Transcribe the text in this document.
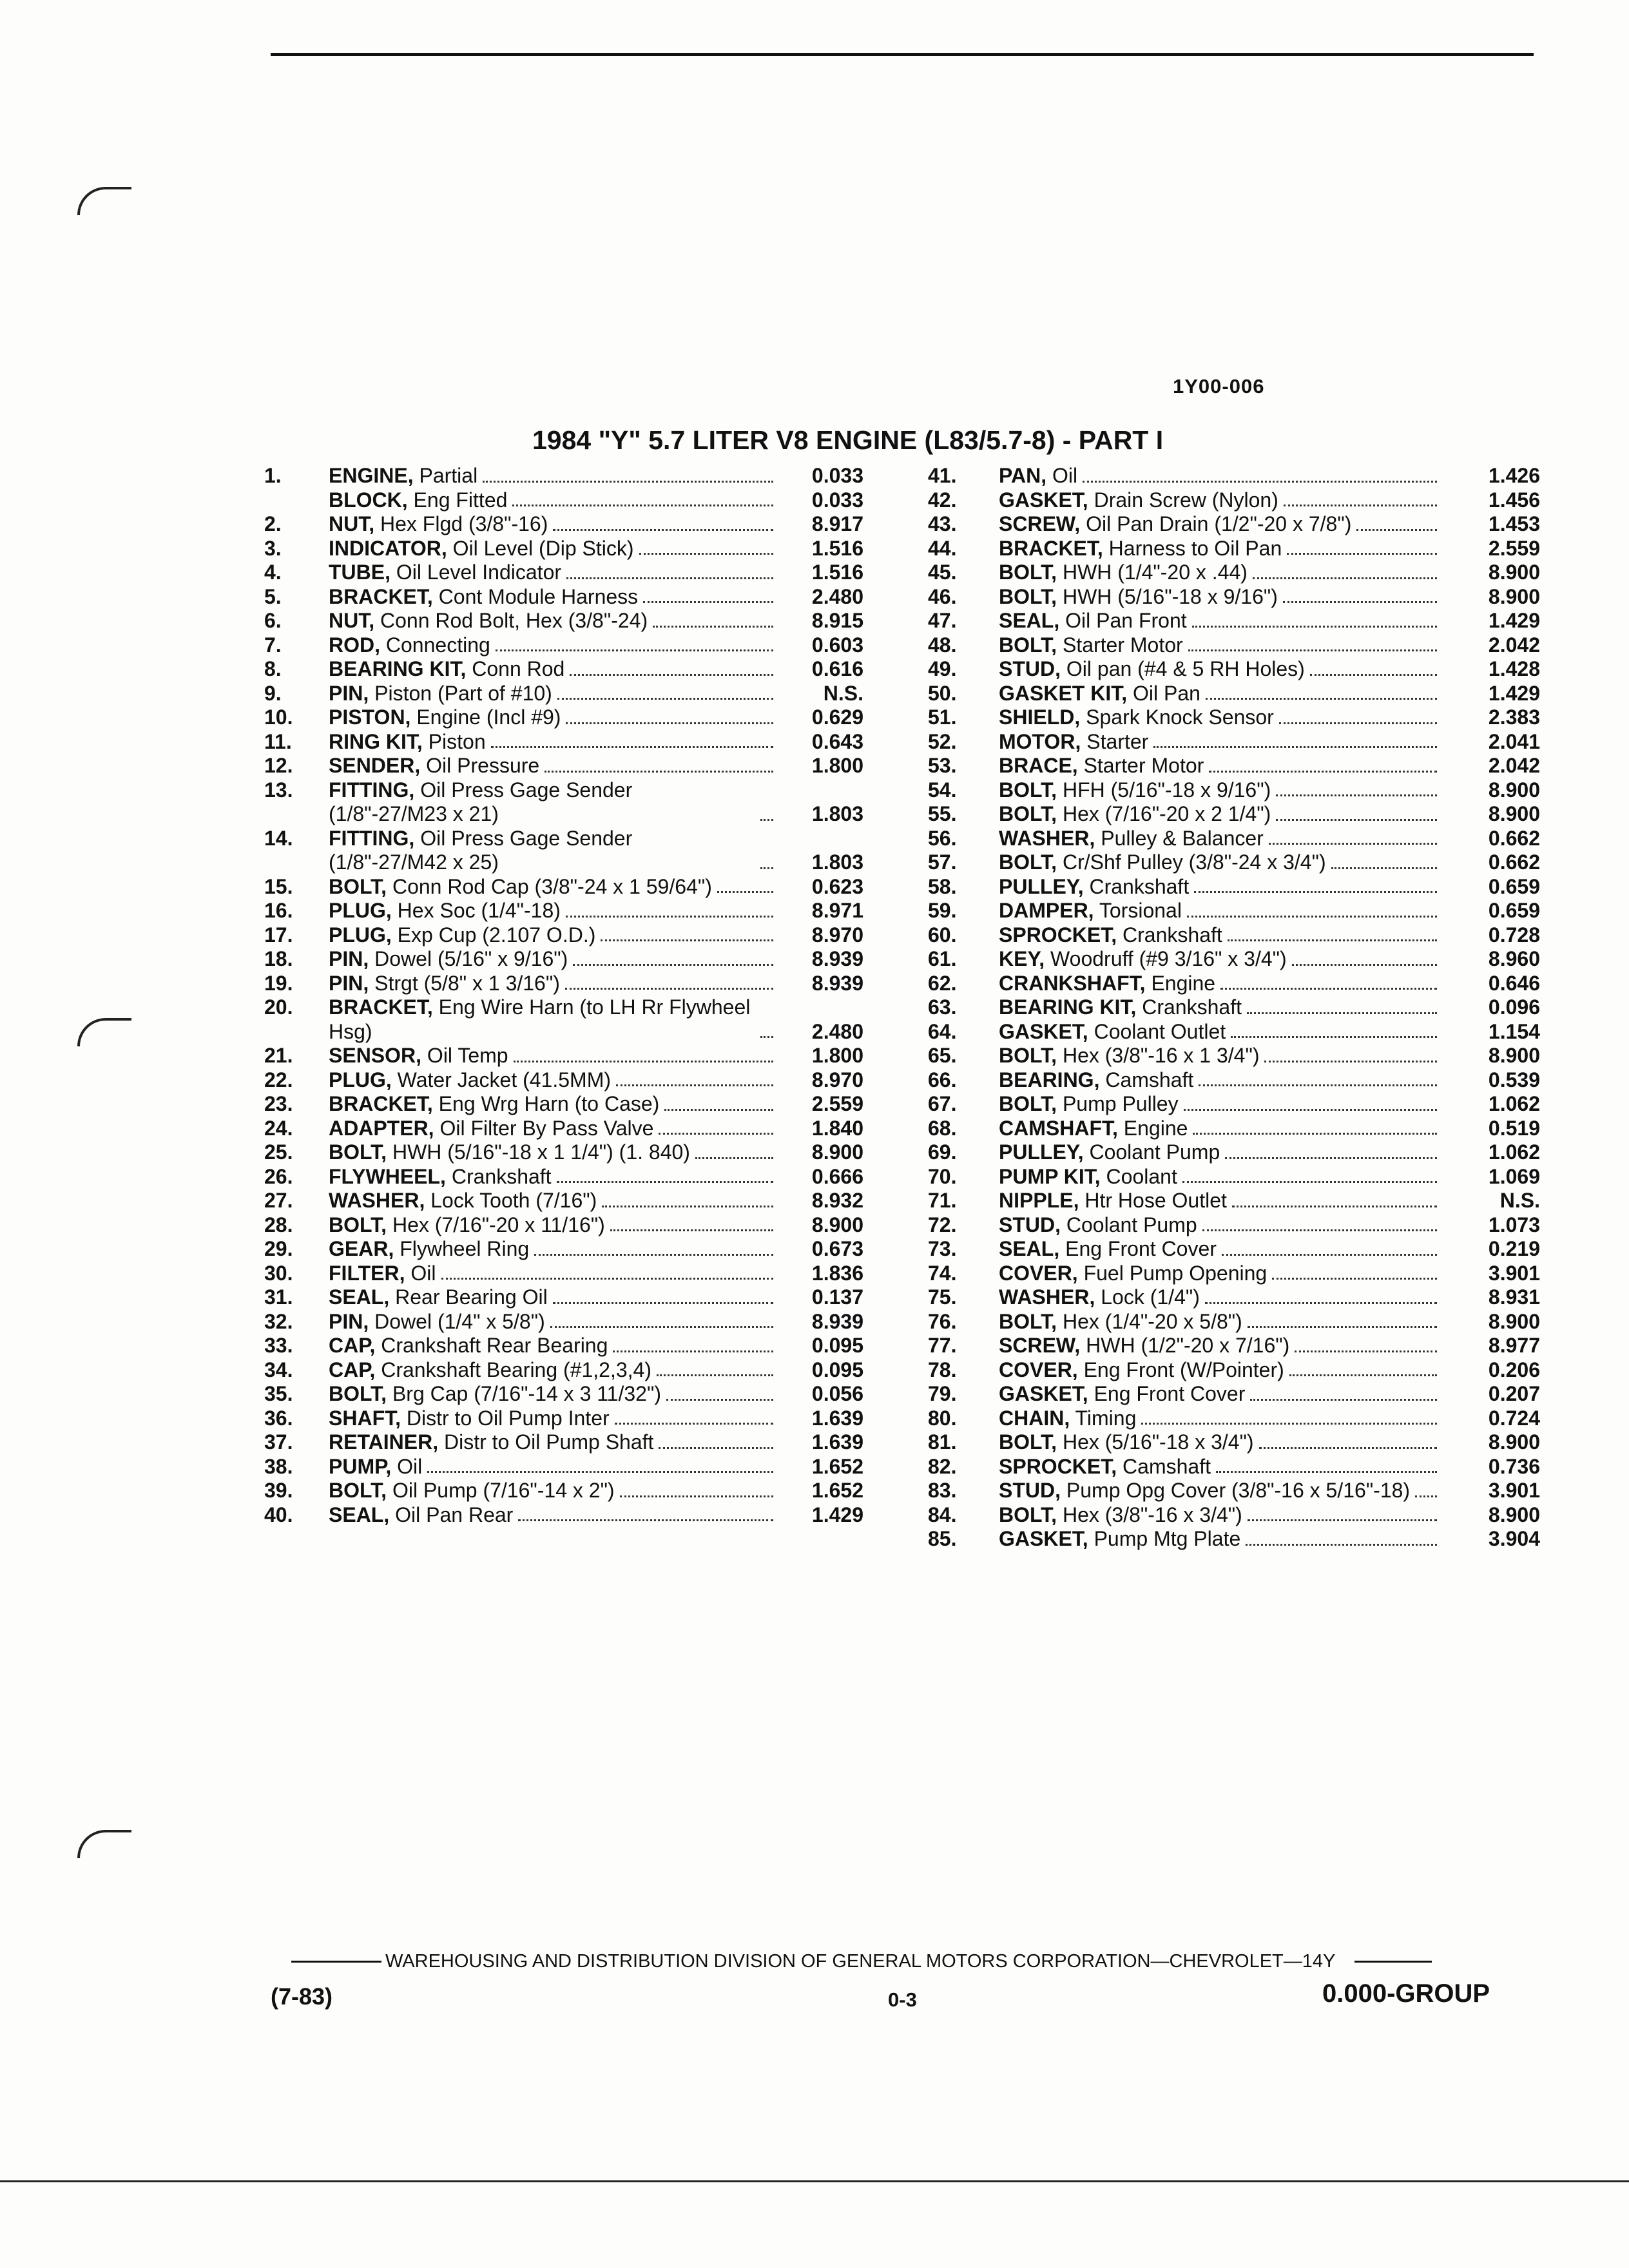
1Y00-006
1984 "Y" 5.7 LITER V8 ENGINE (L83/5.7-8) - PART I
1.	ENGINE, Partial	0.033
BLOCK, Eng Fitted	0.033
2.	NUT, Hex Flgd (3/8"-16)	8.917
3.	INDICATOR, Oil Level (Dip Stick)	1.516
4.	TUBE, Oil Level Indicator	1.516
5.	BRACKET, Cont Module Harness	2.480
6.	NUT, Conn Rod Bolt, Hex (3/8"-24)	8.915
7.	ROD, Connecting	0.603
8.	BEARING KIT, Conn Rod	0.616
9.	PIN, Piston (Part of #10)	N.S.
10.	PISTON, Engine (Incl #9)	0.629
11.	RING KIT, Piston	0.643
12.	SENDER, Oil Pressure	1.800
13.	FITTING, Oil Press Gage Sender (1/8"-27/M23 x 21)	1.803
14.	FITTING, Oil Press Gage Sender (1/8"-27/M42 x 25)	1.803
15.	BOLT, Conn Rod Cap (3/8"-24 x 1 59/64")	0.623
16.	PLUG, Hex Soc (1/4"-18)	8.971
17.	PLUG, Exp Cup (2.107 O.D.)	8.970
18.	PIN, Dowel (5/16" x 9/16")	8.939
19.	PIN, Strgt (5/8" x 1 3/16")	8.939
20.	BRACKET, Eng Wire Harn (to LH Rr Flywheel Hsg)	2.480
21.	SENSOR, Oil Temp	1.800
22.	PLUG, Water Jacket (41.5MM)	8.970
23.	BRACKET, Eng Wrg Harn (to Case)	2.559
24.	ADAPTER, Oil Filter By Pass Valve	1.840
25.	BOLT, HWH (5/16"-18 x 1 1/4") (1. 840)	8.900
26.	FLYWHEEL, Crankshaft	0.666
27.	WASHER, Lock Tooth (7/16")	8.932
28.	BOLT, Hex (7/16"-20 x 11/16")	8.900
29.	GEAR, Flywheel Ring	0.673
30.	FILTER, Oil	1.836
31.	SEAL, Rear Bearing Oil	0.137
32.	PIN, Dowel (1/4" x 5/8")	8.939
33.	CAP, Crankshaft Rear Bearing	0.095
34.	CAP, Crankshaft Bearing (#1,2,3,4)	0.095
35.	BOLT, Brg Cap (7/16"-14 x 3 11/32")	0.056
36.	SHAFT, Distr to Oil Pump Inter	1.639
37.	RETAINER, Distr to Oil Pump Shaft	1.639
38.	PUMP, Oil	1.652
39.	BOLT, Oil Pump (7/16"-14 x 2")	1.652
40.	SEAL, Oil Pan Rear	1.429
41.	PAN, Oil	1.426
42.	GASKET, Drain Screw (Nylon)	1.456
43.	SCREW, Oil Pan Drain (1/2"-20 x 7/8")	1.453
44.	BRACKET, Harness to Oil Pan	2.559
45.	BOLT, HWH (1/4"-20 x .44)	8.900
46.	BOLT, HWH (5/16"-18 x 9/16")	8.900
47.	SEAL, Oil Pan Front	1.429
48.	BOLT, Starter Motor	2.042
49.	STUD, Oil pan (#4 & 5 RH Holes)	1.428
50.	GASKET KIT, Oil Pan	1.429
51.	SHIELD, Spark Knock Sensor	2.383
52.	MOTOR, Starter	2.041
53.	BRACE, Starter Motor	2.042
54.	BOLT, HFH (5/16"-18 x 9/16")	8.900
55.	BOLT, Hex (7/16"-20 x 2 1/4")	8.900
56.	WASHER, Pulley & Balancer	0.662
57.	BOLT, Cr/Shf Pulley (3/8"-24 x 3/4")	0.662
58.	PULLEY, Crankshaft	0.659
59.	DAMPER, Torsional	0.659
60.	SPROCKET, Crankshaft	0.728
61.	KEY, Woodruff (#9 3/16" x 3/4")	8.960
62.	CRANKSHAFT, Engine	0.646
63.	BEARING KIT, Crankshaft	0.096
64.	GASKET, Coolant Outlet	1.154
65.	BOLT, Hex (3/8"-16 x 1 3/4")	8.900
66.	BEARING, Camshaft	0.539
67.	BOLT, Pump Pulley	1.062
68.	CAMSHAFT, Engine	0.519
69.	PULLEY, Coolant Pump	1.062
70.	PUMP KIT, Coolant	1.069
71.	NIPPLE, Htr Hose Outlet	N.S.
72.	STUD, Coolant Pump	1.073
73.	SEAL, Eng Front Cover	0.219
74.	COVER, Fuel Pump Opening	3.901
75.	WASHER, Lock (1/4")	8.931
76.	BOLT, Hex (1/4"-20 x 5/8")	8.900
77.	SCREW, HWH (1/2"-20 x 7/16")	8.977
78.	COVER, Eng Front (W/Pointer)	0.206
79.	GASKET, Eng Front Cover	0.207
80.	CHAIN, Timing	0.724
81.	BOLT, Hex (5/16"-18 x 3/4")	8.900
82.	SPROCKET, Camshaft	0.736
83.	STUD, Pump Opg Cover (3/8"-16 x 5/16"-18)	3.901
84.	BOLT, Hex (3/8"-16 x 3/4")	8.900
85.	GASKET, Pump Mtg Plate	3.904
WAREHOUSING AND DISTRIBUTION DIVISION OF GENERAL MOTORS CORPORATION—CHEVROLET—14Y
(7-83)	0-3	0.000-GROUP
